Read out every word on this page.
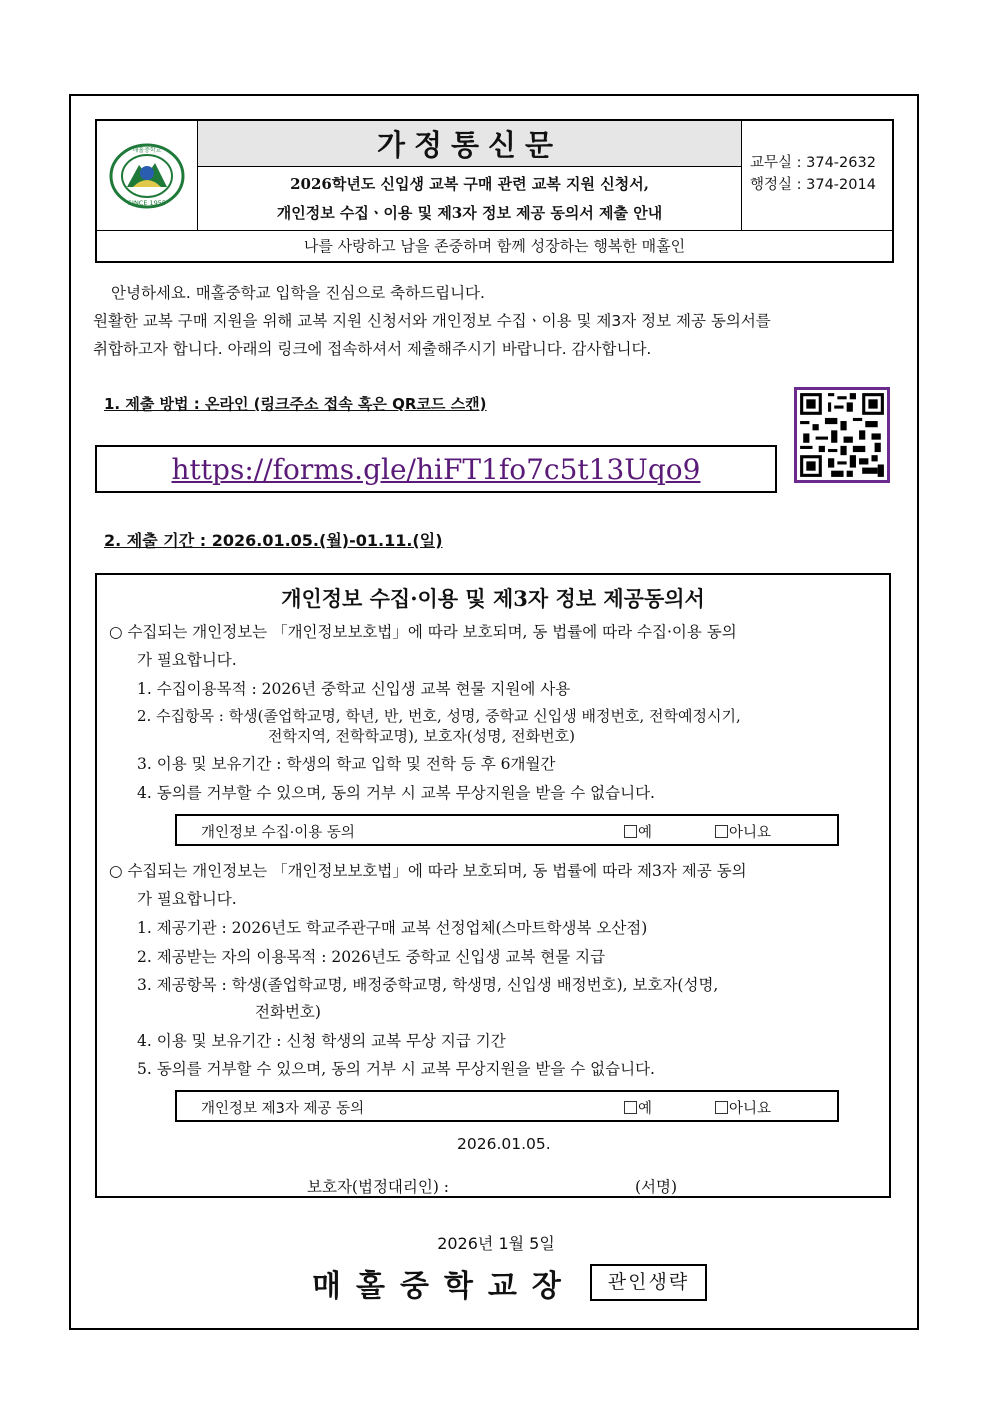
매홀중학교
SINCE 1955
가정통신문
2026학년도 신입생 교복 구매 관련 교복 지원 신청서,
개인정보 수집ㆍ이용 및 제3자 정보 제공 동의서 제출 안내
교무실 : 374-2632
행정실 : 374-2014
나를 사랑하고 남을 존중하며 함께 성장하는 행복한 매홀인
안녕하세요. 매홀중학교 입학을 진심으로 축하드립니다.
원활한 교복 구매 지원을 위해 교복 지원 신청서와 개인정보 수집ㆍ이용 및 제3자 정보 제공 동의서를
취합하고자 합니다. 아래의 링크에 접속하셔서 제출해주시기 바랍니다. 감사합니다.
1. 제출 방법 : 온라인 (링크주소 접속 혹은 QR코드 스캔)
https://forms.gle/hiFT1fo7c5t13Uqo9
2. 제출 기간 : 2026.01.05.(월)-01.11.(일)
개인정보 수집·이용 및 제3자 정보 제공동의서
○ 수집되는 개인정보는 「개인정보보호법」에 따라 보호되며, 동 법률에 따라 수집·이용 동의
가 필요합니다.
1. 수집이용목적 : 2026년 중학교 신입생 교복 현물 지원에 사용
2. 수집항목 : 학생(졸업학교명, 학년, 반, 번호, 성명, 중학교 신입생 배정번호, 전학예정시기,
전학지역, 전학학교명), 보호자(성명, 전화번호)
3. 이용 및 보유기간 : 학생의 학교 입학 및 전학 등 후 6개월간
4. 동의를 거부할 수 있으며, 동의 거부 시 교복 무상지원을 받을 수 없습니다.
개인정보 수집·이용 동의	예	아니요
○ 수집되는 개인정보는 「개인정보보호법」에 따라 보호되며, 동 법률에 따라 제3자 제공 동의
가 필요합니다.
1. 제공기관 : 2026년도 학교주관구매 교복 선정업체(스마트학생복 오산점)
2. 제공받는 자의 이용목적 : 2026년도 중학교 신입생 교복 현물 지급
3. 제공항목 : 학생(졸업학교명, 배정중학교명, 학생명, 신입생 배정번호), 보호자(성명,
전화번호)
4. 이용 및 보유기간 : 신청 학생의 교복 무상 지급 기간
5. 동의를 거부할 수 있으며, 동의 거부 시 교복 무상지원을 받을 수 없습니다.
개인정보 제3자 제공 동의	예	아니요
2026.01.05.
보호자(법정대리인) :	(서명)
2026년 1월 5일
매홀중학교장	관인생략
